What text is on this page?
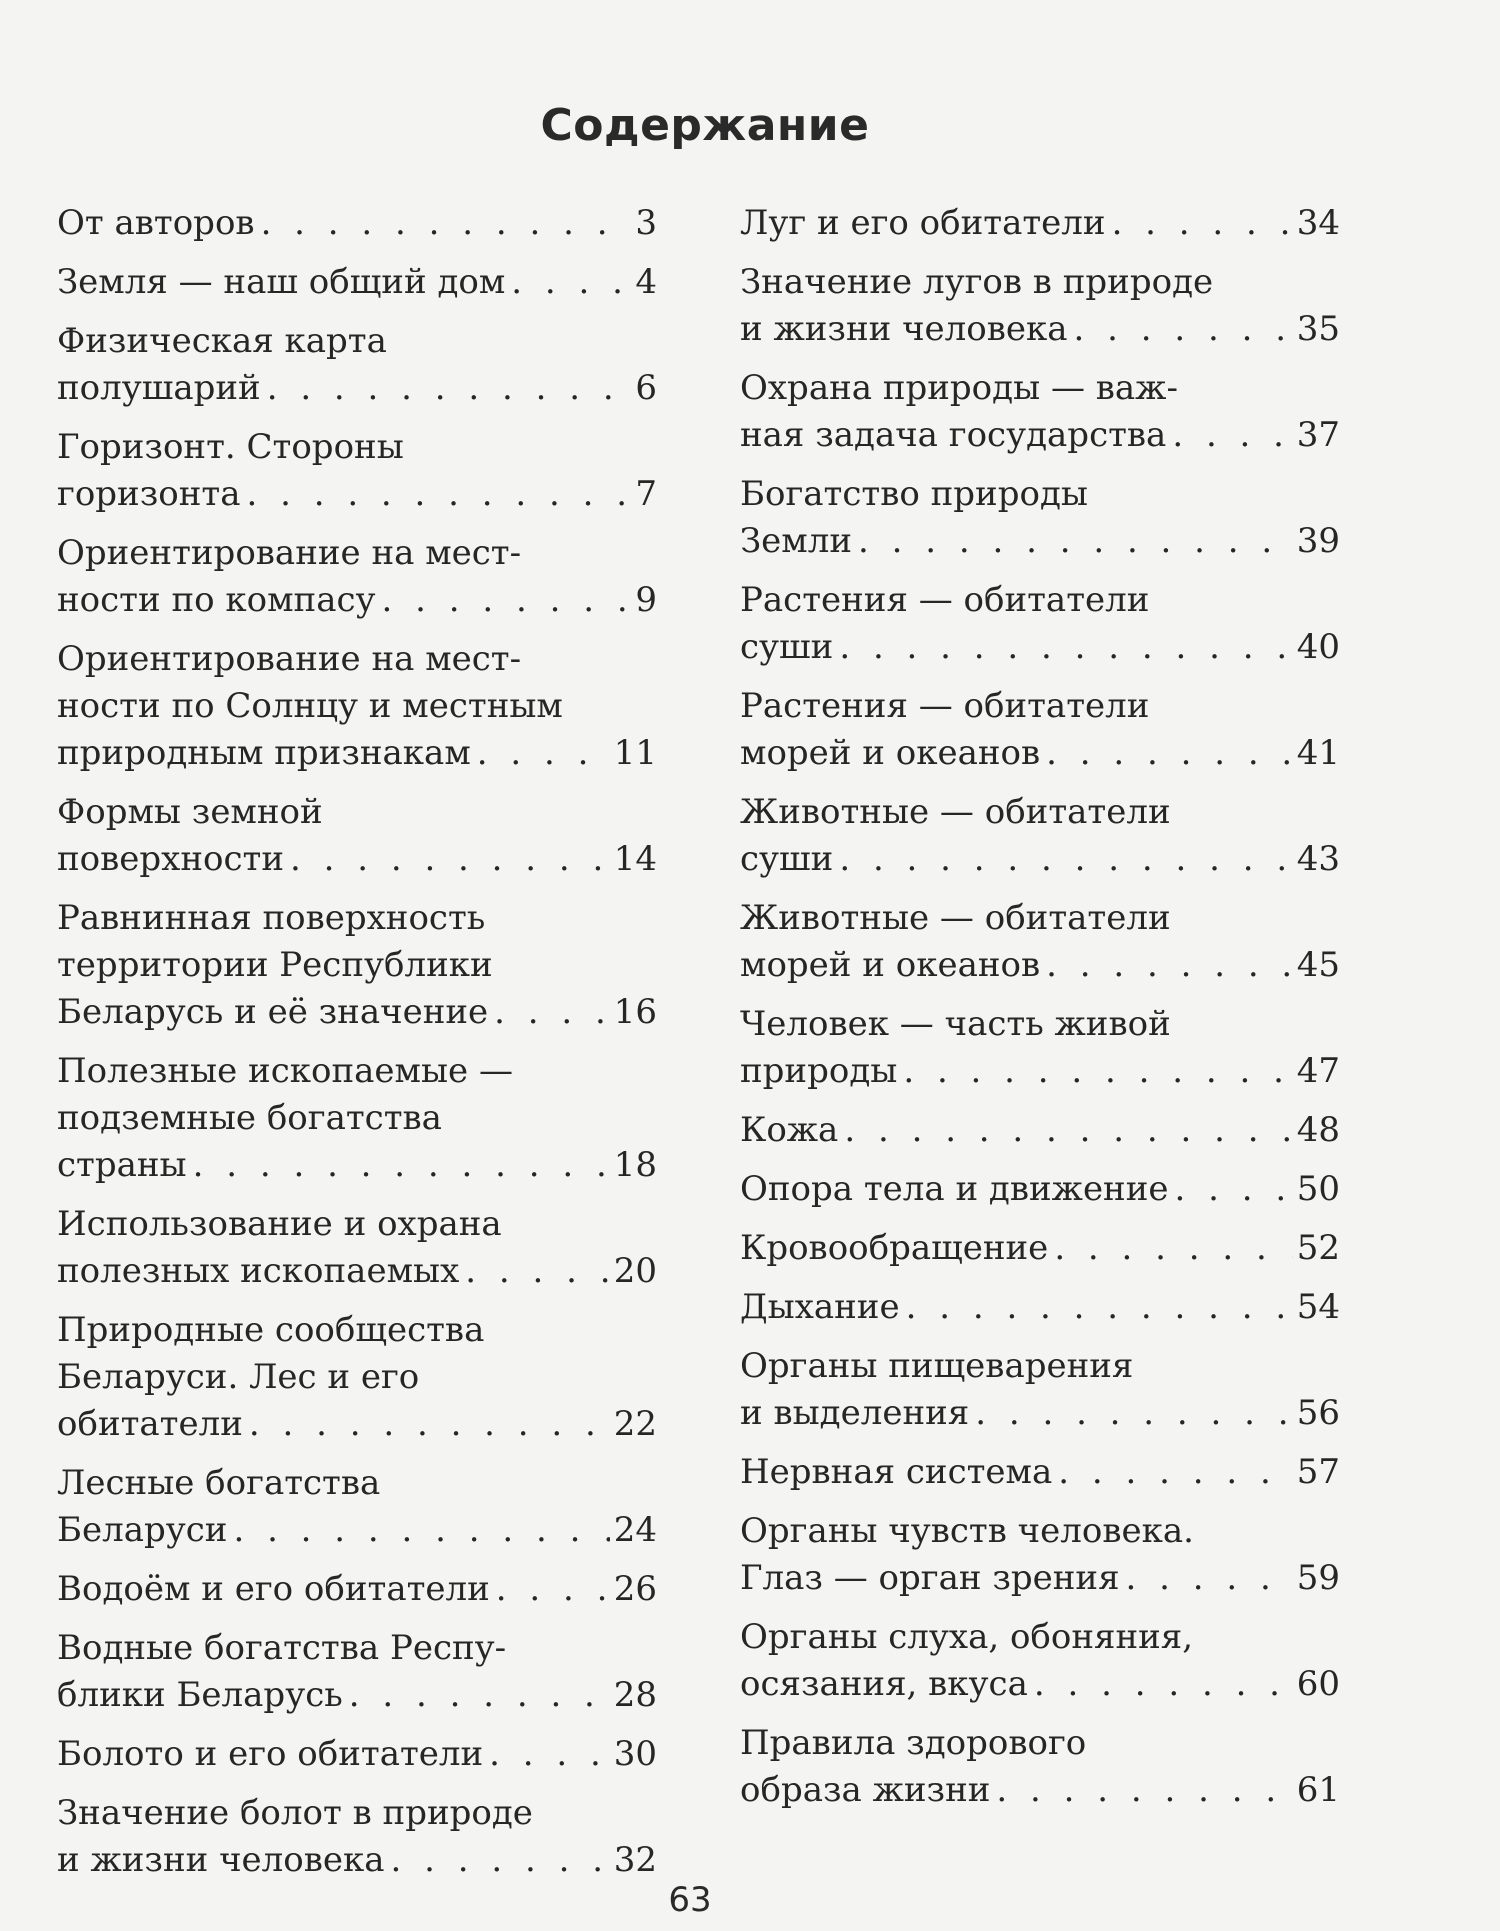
Содержание
От авторов . . .	3
Земля — наш общий дом . . .	4
Физическая карта
полушарий . . .	6
Горизонт. Стороны
горизонта . . .	7
Ориентирование на мест-
ности по компасу . . .	9
Ориентирование на мест-
ности по Солнцу и местным
природным признакам . . .	11
Формы земной
поверхности . . .	14
Равнинная поверхность
территории Республики
Беларусь и её значение . . .	16
Полезные ископаемые —
подземные богатства
страны . . .	18
Использование и охрана
полезных ископаемых . . .	20
Природные сообщества
Беларуси. Лес и его
обитатели . . .	22
Лесные богатства
Беларуси . . .	24
Водоём и его обитатели . . .	26
Водные богатства Респу-
блики Беларусь . . .	28
Болото и его обитатели . . .	30
Значение болот в природе
и жизни человека . . .	32
Луг и его обитатели . . .	34
Значение лугов в природе
и жизни человека . . .	35
Охрана природы — важ-
ная задача государства . . .	37
Богатство природы
Земли . . .	39
Растения — обитатели
суши . . .	40
Растения — обитатели
морей и океанов . . .	41
Животные — обитатели
суши . . .	43
Животные — обитатели
морей и океанов . . .	45
Человек — часть живой
природы . . .	47
Кожа . . .	48
Опора тела и движение . . .	50
Кровообращение . . .	52
Дыхание . . .	54
Органы пищеварения
и выделения . . .	56
Нервная система . . .	57
Органы чувств человека.
Глаз — орган зрения . . .	59
Органы слуха, обоняния,
осязания, вкуса . . .	60
Правила здорового
образа жизни . . .	61
63
